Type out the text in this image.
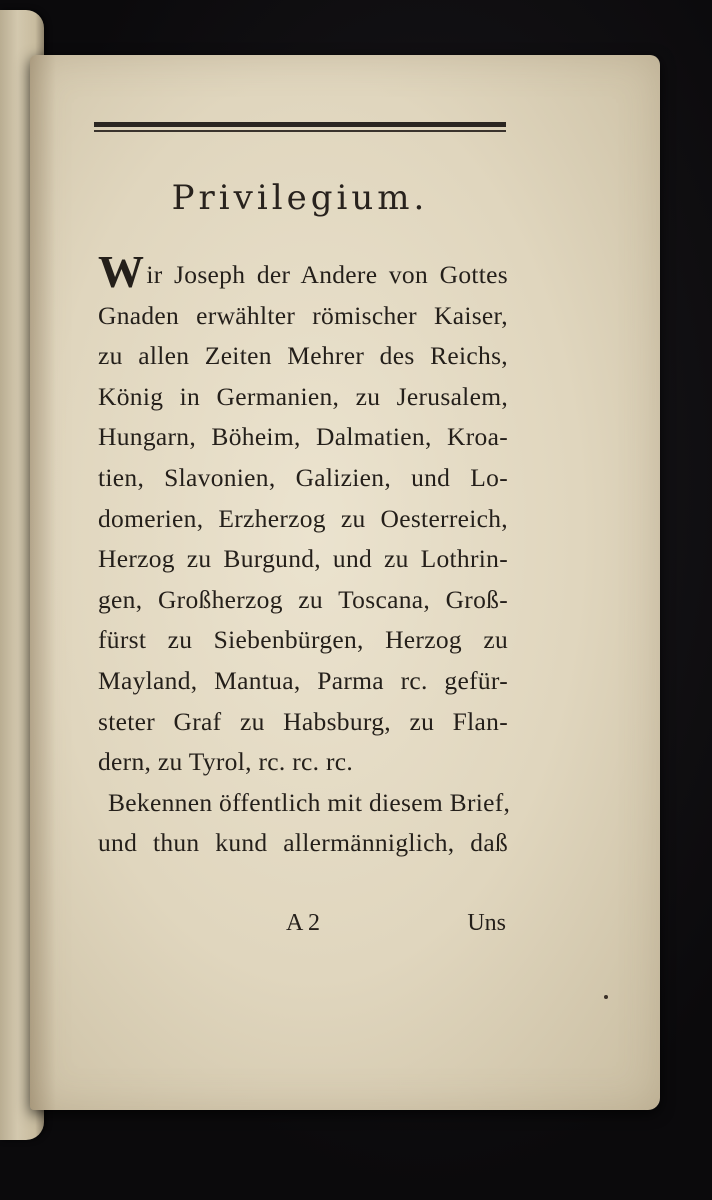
Privilegium.
Wir Joseph der Andere von Gottes
Gnaden erwählter römischer Kaiser,
zu allen Zeiten Mehrer des Reichs,
König in Germanien, zu Jerusalem,
Hungarn, Böheim, Dalmatien, Kroa-
tien, Slavonien, Galizien, und Lo-
domerien, Erzherzog zu Oesterreich,
Herzog zu Burgund, und zu Lothrin-
gen, Großherzog zu Toscana, Groß-
fürst zu Siebenbürgen, Herzog zu
Mayland, Mantua, Parma rc. gefür-
steter Graf zu Habsburg, zu Flan-
dern, zu Tyrol, rc. rc. rc.
Bekennen öffentlich mit diesem Brief,
und thun kund allermänniglich, daß
A 2	Uns
